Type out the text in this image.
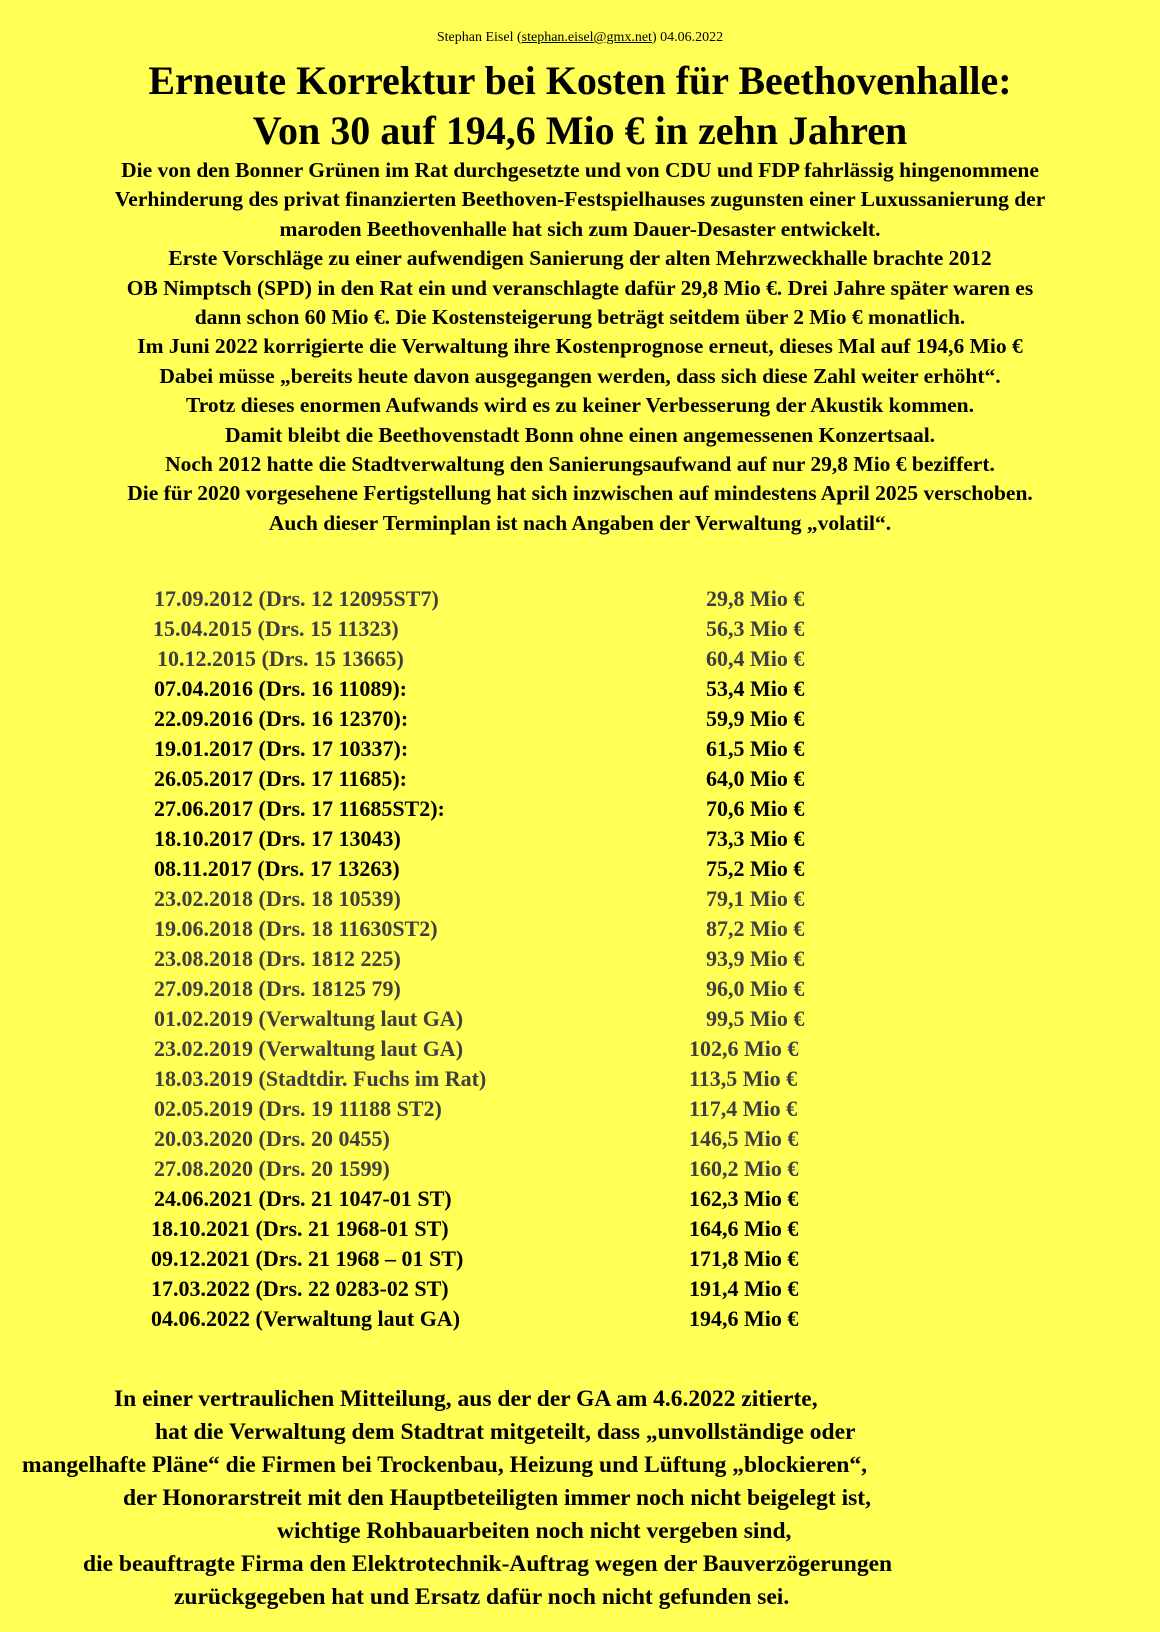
Stephan Eisel (stephan.eisel@gmx.net) 04.06.2022
Erneute Korrektur bei Kosten für Beethovenhalle:
Von 30 auf 194,6 Mio € in zehn Jahren
Die von den Bonner Grünen im Rat durchgesetzte und von CDU und FDP fahrlässig hingenommene
Verhinderung des privat finanzierten Beethoven-Festspielhauses zugunsten einer Luxussanierung der
maroden Beethovenhalle hat sich zum Dauer-Desaster entwickelt.
Erste Vorschläge zu einer aufwendigen Sanierung der alten Mehrzweckhalle brachte 2012
OB Nimptsch (SPD) in den Rat ein und veranschlagte dafür 29,8 Mio €. Drei Jahre später waren es
dann schon 60 Mio €. Die Kostensteigerung beträgt seitdem über 2 Mio € monatlich.
Im Juni 2022 korrigierte die Verwaltung ihre Kostenprognose erneut, dieses Mal auf 194,6 Mio €
Dabei müsse „bereits heute davon ausgegangen werden, dass sich diese Zahl weiter erhöht“.
Trotz dieses enormen Aufwands wird es zu keiner Verbesserung der Akustik kommen.
Damit bleibt die Beethovenstadt Bonn ohne einen angemessenen Konzertsaal.
Noch 2012 hatte die Stadtverwaltung den Sanierungsaufwand auf nur 29,8 Mio € beziffert.
Die für 2020 vorgesehene Fertigstellung hat sich inzwischen auf mindestens April 2025 verschoben.
Auch dieser Terminplan ist nach Angaben der Verwaltung „volatil“.
17.09.2012 (Drs. 12 12095ST7)	29,8 Mio €
15.04.2015 (Drs. 15 11323)	56,3 Mio €
10.12.2015 (Drs. 15 13665)	60,4 Mio €
07.04.2016 (Drs. 16 11089):	53,4 Mio €
22.09.2016 (Drs. 16 12370):	59,9 Mio €
19.01.2017 (Drs. 17 10337):	61,5 Mio €
26.05.2017 (Drs. 17 11685):	64,0 Mio €
27.06.2017 (Drs. 17 11685ST2):	70,6 Mio €
18.10.2017 (Drs. 17 13043)	73,3 Mio €
08.11.2017 (Drs. 17 13263)	75,2 Mio €
23.02.2018 (Drs. 18 10539)	79,1 Mio €
19.06.2018 (Drs. 18 11630ST2)	87,2 Mio €
23.08.2018 (Drs. 1812 225)	93,9 Mio €
27.09.2018 (Drs. 18125 79)	96,0 Mio €
01.02.2019 (Verwaltung laut GA)	99,5 Mio €
23.02.2019 (Verwaltung laut GA)	102,6 Mio €
18.03.2019 (Stadtdir. Fuchs im Rat)	113,5 Mio €
02.05.2019 (Drs. 19 11188 ST2)	117,4 Mio €
20.03.2020 (Drs. 20 0455)	146,5 Mio €
27.08.2020 (Drs. 20 1599)	160,2 Mio €
24.06.2021 (Drs. 21 1047-01 ST)	162,3 Mio €
18.10.2021 (Drs. 21 1968-01 ST)	164,6 Mio €
09.12.2021 (Drs. 21 1968 – 01 ST)	171,8 Mio €
17.03.2022 (Drs. 22 0283-02 ST)	191,4 Mio €
04.06.2022 (Verwaltung laut GA)	194,6 Mio €
In einer vertraulichen Mitteilung, aus der der GA am 4.6.2022 zitierte,
hat die Verwaltung dem Stadtrat mitgeteilt, dass „unvollständige oder
mangelhafte Pläne“ die Firmen bei Trockenbau, Heizung und Lüftung „blockieren“,
der Honorarstreit mit den Hauptbeteiligten immer noch nicht beigelegt ist,
wichtige Rohbauarbeiten noch nicht vergeben sind,
die beauftragte Firma den Elektrotechnik-Auftrag wegen der Bauverzögerungen
zurückgegeben hat und Ersatz dafür noch nicht gefunden sei.
